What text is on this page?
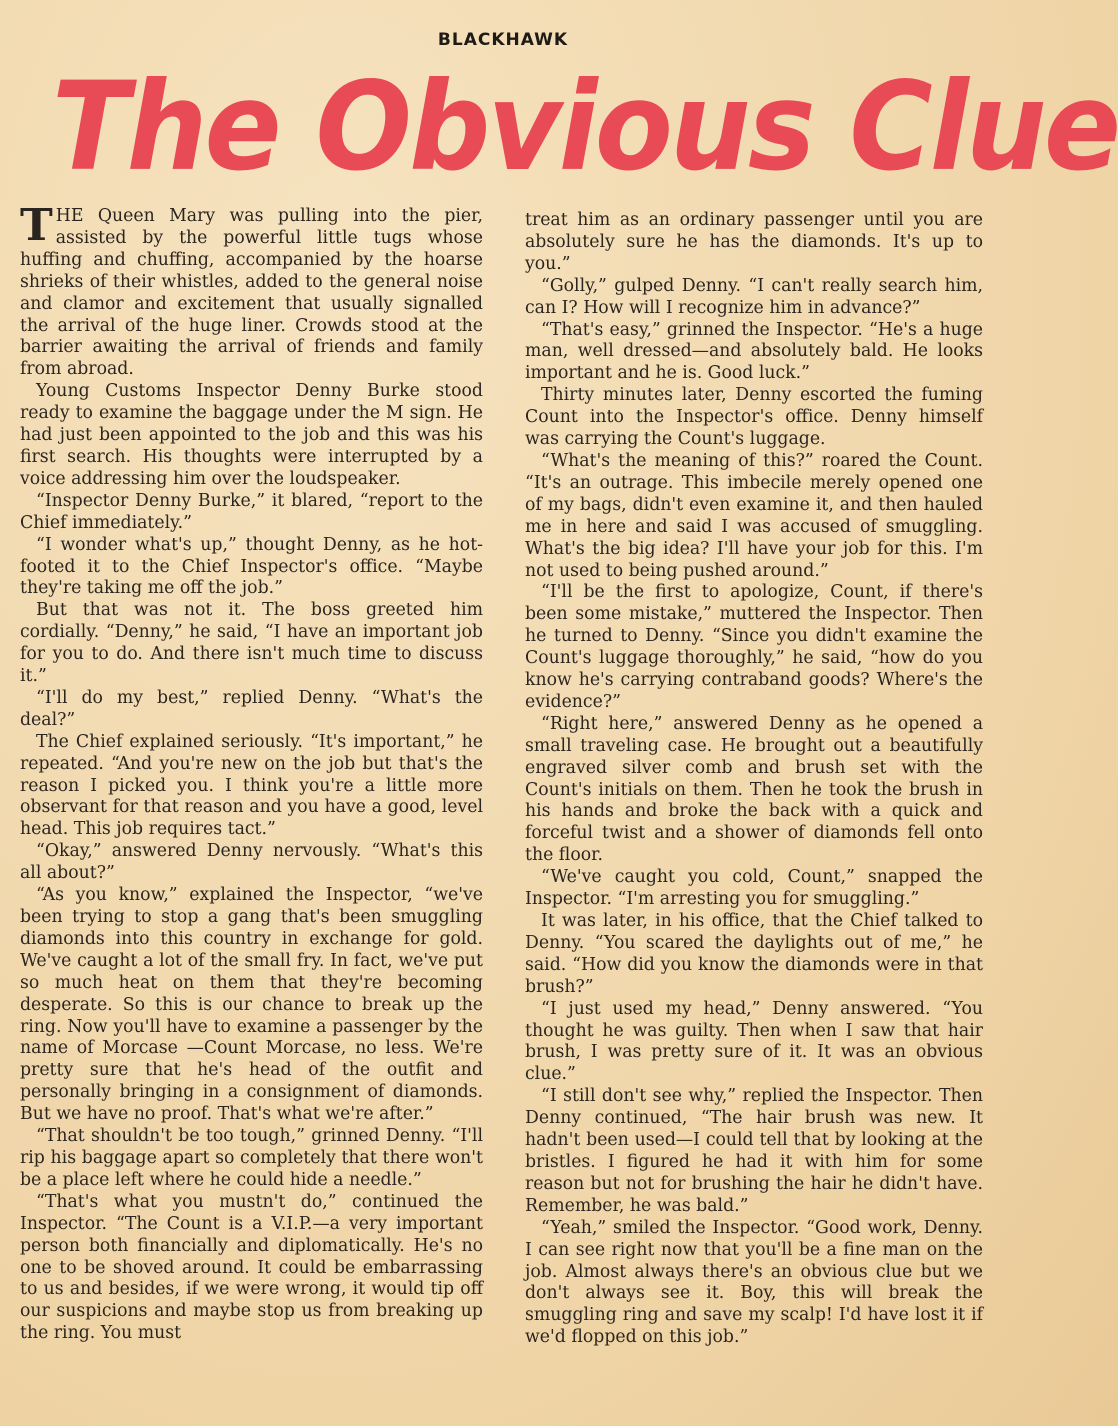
BLACKHAWK
The Obvious Clue

THE Queen Mary was pulling into the pier, assisted by the powerful little tugs whose huffing and chuffing, accompanied by the hoarse shrieks of their whistles, added to the general noise and clamor and excitement that usually signalled the arrival of the huge liner. Crowds stood at the barrier awaiting the arrival of friends and family from abroad.

Young Customs Inspector Denny Burke stood ready to examine the baggage under the M sign. He had just been appointed to the job and this was his first search. His thoughts were interrupted by a voice addressing him over the loudspeaker.

“Inspector Denny Burke,” it blared, “report to the Chief immediately.”

“I wonder what's up,” thought Denny, as he hot-footed it to the Chief Inspector's office. “Maybe they're taking me off the job.”

But that was not it. The boss greeted him cordially. “Denny,” he said, “I have an important job for you to do. And there isn't much time to discuss it.”

“I'll do my best,” replied Denny. “What's the deal?”

The Chief explained seriously. “It's important,” he repeated. “And you're new on the job but that's the reason I picked you. I think you're a little more observant for that reason and you have a good, level head. This job requires tact.”

“Okay,” answered Denny nervously. “What's this all about?”

“As you know,” explained the Inspector, “we've been trying to stop a gang that's been smuggling diamonds into this country in exchange for gold. We've caught a lot of the small fry. In fact, we've put so much heat on them that they're becoming desperate. So this is our chance to break up the ring. Now you'll have to examine a passenger by the name of Morcase —Count Morcase, no less. We're pretty sure that he's head of the outfit and personally bringing in a consignment of diamonds. But we have no proof. That's what we're after.”

“That shouldn't be too tough,” grinned Denny. “I'll rip his baggage apart so completely that there won't be a place left where he could hide a needle.”

“That's what you mustn't do,” continued the Inspector. “The Count is a V.I.P.—a very important person both financially and diplomatically. He's no one to be shoved around. It could be embarrassing to us and besides, if we were wrong, it would tip off our suspicions and maybe stop us from breaking up the ring. You must

treat him as an ordinary passenger until you are absolutely sure he has the diamonds. It's up to you.”

“Golly,” gulped Denny. “I can't really search him, can I? How will I recognize him in advance?”

“That's easy,” grinned the Inspector. “He's a huge man, well dressed—and absolutely bald. He looks important and he is. Good luck.”

Thirty minutes later, Denny escorted the fuming Count into the Inspector's office. Denny himself was carrying the Count's luggage.

“What's the meaning of this?” roared the Count. “It's an outrage. This imbecile merely opened one of my bags, didn't even examine it, and then hauled me in here and said I was accused of smuggling. What's the big idea? I'll have your job for this. I'm not used to being pushed around.”

“I'll be the first to apologize, Count, if there's been some mistake,” muttered the Inspector. Then he turned to Denny. “Since you didn't examine the Count's luggage thoroughly,” he said, “how do you know he's carrying contraband goods? Where's the evidence?”

“Right here,” answered Denny as he opened a small traveling case. He brought out a beautifully engraved silver comb and brush set with the Count's initials on them. Then he took the brush in his hands and broke the back with a quick and forceful twist and a shower of diamonds fell onto the floor.

“We've caught you cold, Count,” snapped the Inspector. “I'm arresting you for smuggling.”

It was later, in his office, that the Chief talked to Denny. “You scared the daylights out of me,” he said. “How did you know the diamonds were in that brush?”

“I just used my head,” Denny answered. “You thought he was guilty. Then when I saw that hair brush, I was pretty sure of it. It was an obvious clue.”

“I still don't see why,” replied the Inspector. Then Denny continued, “The hair brush was new. It hadn't been used—I could tell that by looking at the bristles. I figured he had it with him for some reason but not for brushing the hair he didn't have. Remember, he was bald.”

“Yeah,” smiled the Inspector. “Good work, Denny. I can see right now that you'll be a fine man on the job. Almost always there's an obvious clue but we don't always see it. Boy, this will break the smuggling ring and save my scalp! I'd have lost it if we'd flopped on this job.”
